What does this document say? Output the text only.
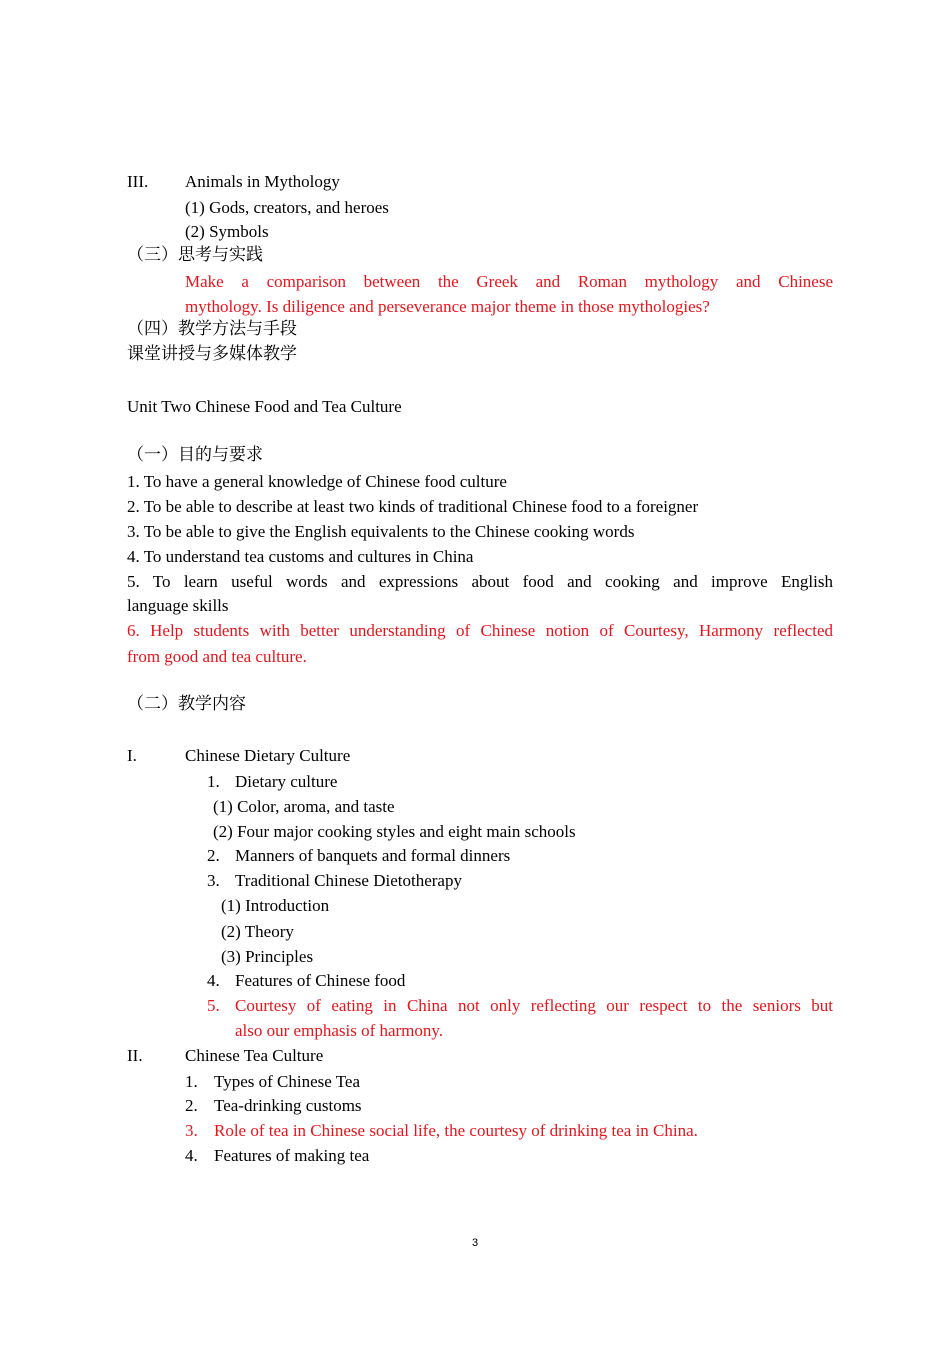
III. Animals in Mythology
(1) Gods, creators, and heroes
(2) Symbols
（三）思考与实践
Make a comparison between the Greek and Roman mythology and Chinese
mythology. Is diligence and perseverance major theme in those mythologies?
（四）教学方法与手段
课堂讲授与多媒体教学
Unit Two Chinese Food and Tea Culture
（一）目的与要求
1. To have a general knowledge of Chinese food culture
2. To be able to describe at least two kinds of traditional Chinese food to a foreigner
3. To be able to give the English equivalents to the Chinese cooking words
4. To understand tea customs and cultures in China
5. To learn useful words and expressions about food and cooking and improve English
language skills
6. Help students with better understanding of Chinese notion of Courtesy, Harmony reflected
from good and tea culture.
（二）教学内容
I.	Chinese Dietary Culture
1. Dietary culture
(1) Color, aroma, and taste
(2) Four major cooking styles and eight main schools
2. Manners of banquets and formal dinners
3. Traditional Chinese Dietotherapy
(1) Introduction
(2) Theory
(3) Principles
4. Features of Chinese food
5. Courtesy of eating in China not only reflecting our respect to the seniors but
also our emphasis of harmony.
II. Chinese Tea Culture
1. Types of Chinese Tea
2. Tea-drinking customs
3. Role of tea in Chinese social life, the courtesy of drinking tea in China.
4. Features of making tea
3
